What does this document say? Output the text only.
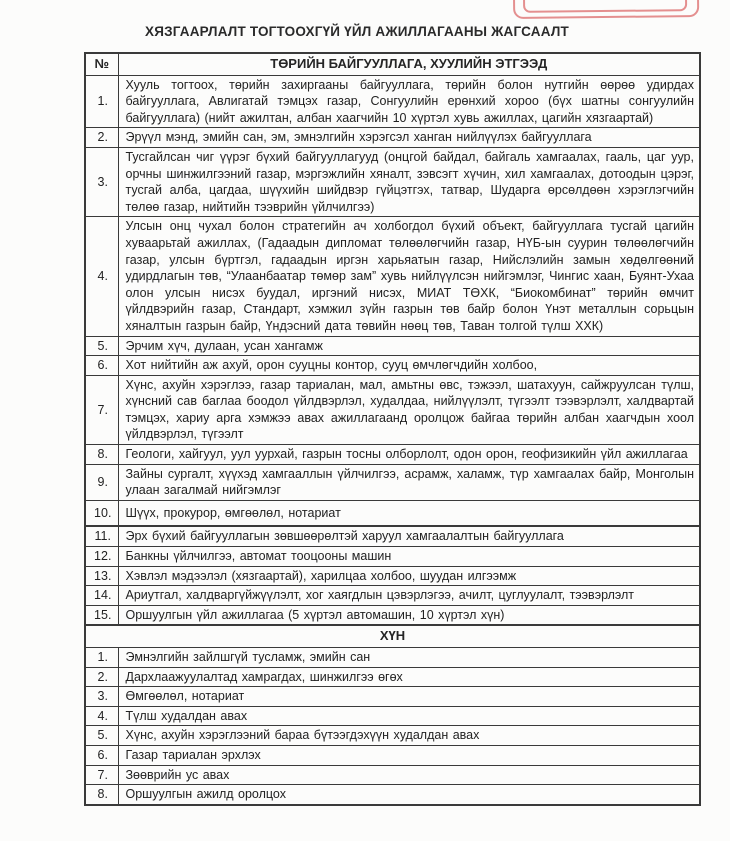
ХЯЗГААРЛАЛТ ТОГТООХГҮЙ ҮЙЛ АЖИЛЛАГААНЫ ЖАГСААЛТ
№	ТӨРИЙН БАЙГУУЛЛАГА, ХУУЛИЙН ЭТГЭЭД
1.	Хууль тогтоох, төрийн захиргааны байгууллага, төрийн болон нутгийн өөрөө удирдах байгууллага, Авлигатай тэмцэх газар, Сонгуулийн ерөнхий хороо (бүх шатны сонгуулийн байгууллага) (нийт ажилтан, албан хаагчийн 10 хүртэл хувь ажиллах, цагийн хязгаартай)
2.	Эрүүл мэнд, эмийн сан, эм, эмнэлгийн хэрэгсэл ханган нийлүүлэх байгууллага
3.	Тусгайлсан чиг үүрэг бүхий байгууллагууд (онцгой байдал, байгаль хамгаалах, гааль, цаг уур, орчны шинжилгээний газар, мэргэжлийн хяналт, зэвсэгт хүчин, хил хамгаалах, дотоодын цэрэг, тусгай алба, цагдаа, шүүхийн шийдвэр гүйцэтгэх, татвар, Шударга өрсөлдөөн хэрэглэгчийн төлөө газар, нийтийн тээврийн үйлчилгээ)
4.	Улсын онц чухал болон стратегийн ач холбогдол бүхий объект, байгууллага тусгай цагийн хуваарьтай ажиллах, (Гадаадын дипломат төлөөлөгчийн газар, НҮБ-ын суурин төлөөлөгчийн газар, улсын бүртгэл, гадаадын иргэн харьяатын газар, Нийслэлийн замын хөдөлгөөний удирдлагын төв, “Улаанбаатар төмөр зам” хувь нийлүүлсэн нийгэмлэг, Чингис хаан, Буянт-Ухаа олон улсын нисэх буудал, иргэний нисэх, МИАТ ТӨХК, “Биокомбинат” төрийн өмчит үйлдвэрийн газар, Стандарт, хэмжил зүйн газрын төв байр болон Үнэт металлын сорьцын хяналтын газрын байр, Үндэсний дата төвийн нөөц төв, Таван толгой түлш ХХК)
5.	Эрчим хүч, дулаан, усан хангамж
6.	Хот нийтийн аж ахуй, орон сууцны контор, сууц өмчлөгчдийн холбоо,
7.	Хүнс, ахуйн хэрэглээ, газар тариалан, мал, амьтны өвс, тэжээл, шатахуун, сайжруулсан түлш, хүнсний сав баглаа боодол үйлдвэрлэл, худалдаа, нийлүүлэлт, түгээлт тээвэрлэлт, халдвартай тэмцэх, хариу арга хэмжээ авах ажиллагаанд оролцож байгаа төрийн албан хаагчдын хоол үйлдвэрлэл, түгээлт
8.	Геологи, хайгуул, уул уурхай, газрын тосны олборлолт, одон орон, геофизикийн үйл ажиллагаа
9.	Зайны сургалт, хүүхэд хамгааллын үйлчилгээ, асрамж, халамж, түр хамгаалах байр, Монголын улаан загалмай нийгэмлэг
10.	Шүүх, прокурор, өмгөөлөл, нотариат
11.	Эрх бүхий байгууллагын зөвшөөрөлтэй харуул хамгаалалтын байгууллага
12.	Банкны үйлчилгээ, автомат тооцооны машин
13.	Хэвлэл мэдээлэл (хязгаартай), харилцаа холбоо, шуудан илгээмж
14.	Ариутгал, халдваргүйжүүлэлт, хог хаягдлын цэвэрлэгээ, ачилт, цуглуулалт, тээвэрлэлт
15.	Оршуулгын үйл ажиллагаа (5 хүртэл автомашин, 10 хүртэл хүн)
ХҮН	
1.	Эмнэлгийн зайлшгүй тусламж, эмийн сан
2.	Дархлаажуулалтад хамрагдах, шинжилгээ өгөх
3.	Өмгөөлөл, нотариат
4.	Түлш худалдан авах
5.	Хүнс, ахуйн хэрэглээний бараа бүтээгдэхүүн худалдан авах
6.	Газар тариалан эрхлэх
7.	Зөөврийн ус авах
8.	Оршуулгын ажилд оролцох
